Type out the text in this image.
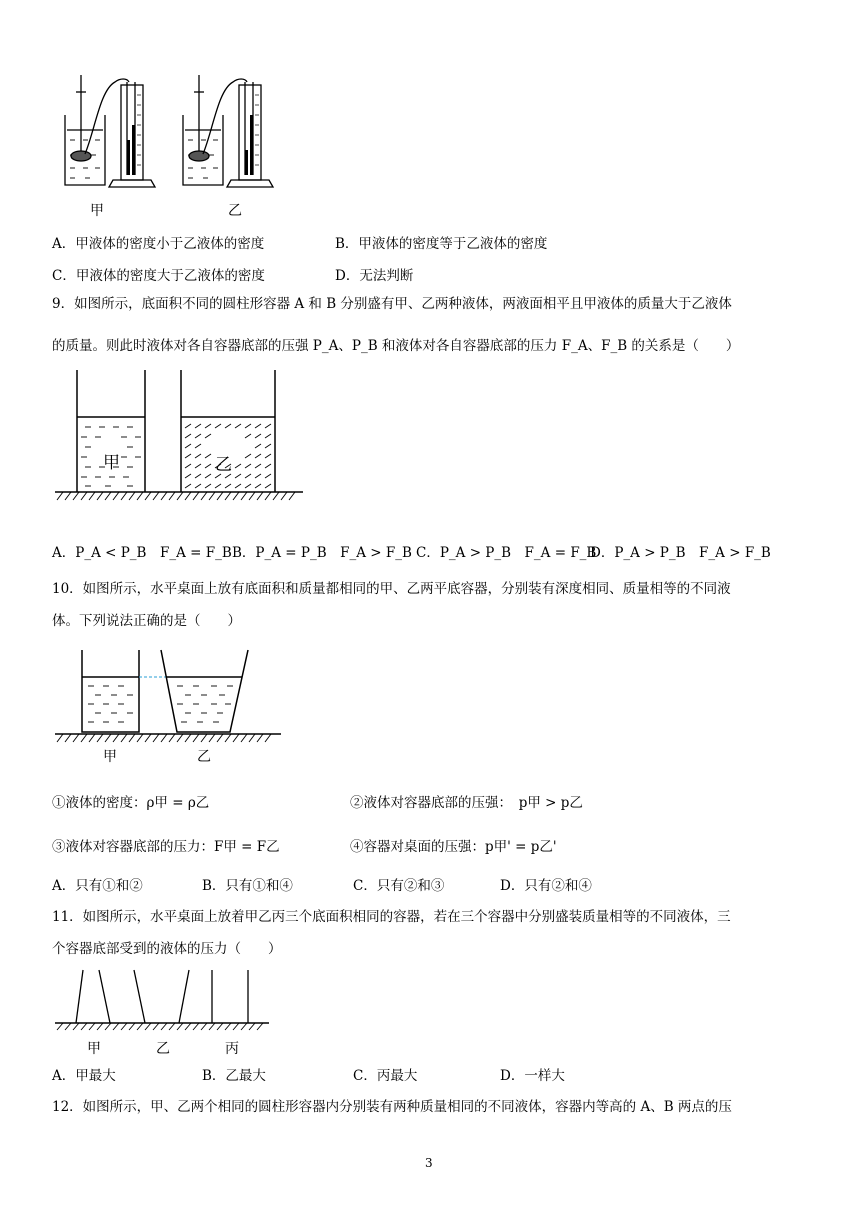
甲	乙
A．甲液体的密度小于乙液体的密度	B．甲液体的密度等于乙液体的密度
C．甲液体的密度大于乙液体的密度	D．无法判断
9．如图所示，底面积不同的圆柱形容器 A 和 B 分别盛有甲、乙两种液体，两液面相平且甲液体的质量大于乙液体
的质量。则此时液体对各自容器底部的压强 P_A、P_B 和液体对各自容器底部的压力 F_A、F_B 的关系是（　　）
甲	乙
A．P_A < P_B　F_A = F_B B．P_A = P_B　F_A > F_B C．P_A > P_B　F_A = F_B
D．P_A > P_B　F_A > F_B
10．如图所示，水平桌面上放有底面积和质量都相同的甲、乙两平底容器，分别装有深度相同、质量相等的不同液
体。下列说法正确的是（　　）
甲	乙
①液体的密度：ρ甲 = ρ乙	②液体对容器底部的压强：　p甲 > p乙
③液体对容器底部的压力：F甲 = F乙	④容器对桌面的压强：p甲' = p乙'
A．只有①和②	B．只有①和④	C．只有②和③	D．只有②和④
11．如图所示，水平桌面上放着甲乙丙三个底面积相同的容器，若在三个容器中分别盛装质量相等的不同液体，三
个容器底部受到的液体的压力（　　）
甲	乙	丙
A．甲最大	B．乙最大	C．丙最大	D．一样大
12．如图所示，甲、乙两个相同的圆柱形容器内分别装有两种质量相同的不同液体，容器内等高的 A、B 两点的压
3
